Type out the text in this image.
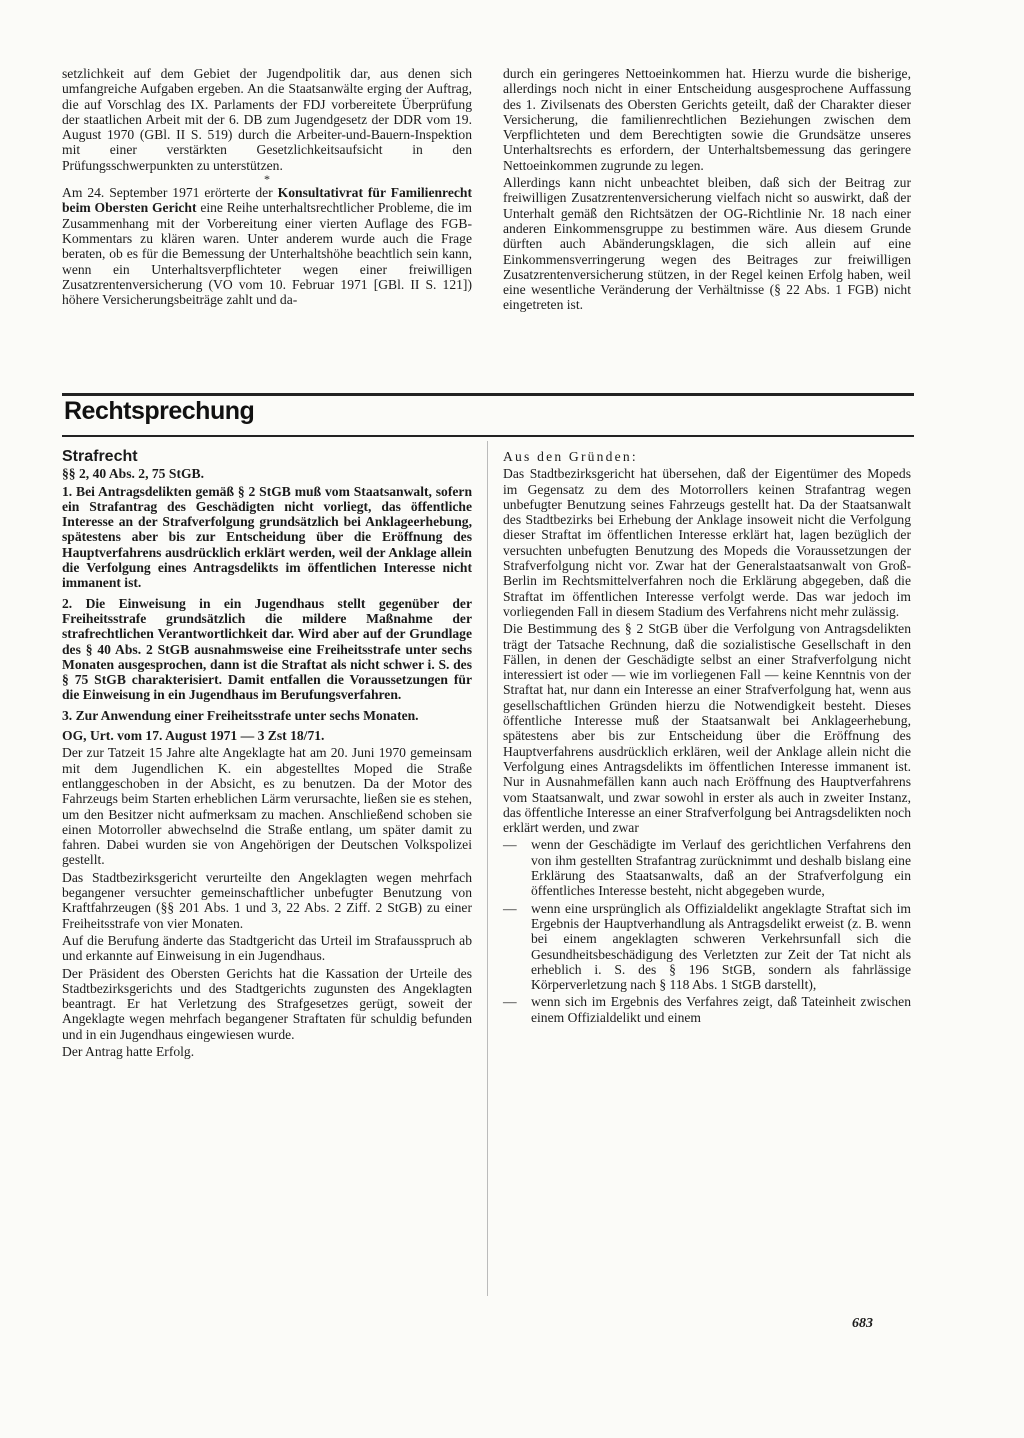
setzlichkeit auf dem Gebiet der Jugendpolitik dar, aus denen sich umfangreiche Aufgaben ergeben. An die Staatsanwälte erging der Auftrag, die auf Vorschlag des IX. Parlaments der FDJ vorbereitete Überprüfung der staatlichen Arbeit mit der 6. DB zum Jugendgesetz der DDR vom 19. August 1970 (GBl. II S. 519) durch die Arbeiter-und-Bauern-Inspektion mit einer verstärkten Gesetzlichkeitsaufsicht in den Prüfungsschwerpunkten zu unterstützen.

*

Am 24. September 1971 erörterte der Konsultativrat für Familienrecht beim Obersten Gericht eine Reihe unterhaltsrechtlicher Probleme, die im Zusammenhang mit der Vorbereitung einer vierten Auflage des FGB-Kommentars zu klären waren. Unter anderem wurde auch die Frage beraten, ob es für die Bemessung der Unterhaltshöhe beachtlich sein kann, wenn ein Unterhaltsverpflichteter wegen einer freiwilligen Zusatzrentenversicherung (VO vom 10. Februar 1971 [GBl. II S. 121]) höhere Versicherungsbeiträge zahlt und da-

durch ein geringeres Nettoeinkommen hat. Hierzu wurde die bisherige, allerdings noch nicht in einer Entscheidung ausgesprochene Auffassung des 1. Zivilsenats des Obersten Gerichts geteilt, daß der Charakter dieser Versicherung, die familienrechtlichen Beziehungen zwischen dem Verpflichteten und dem Berechtigten sowie die Grundsätze unseres Unterhaltsrechts es erfordern, der Unterhaltsbemessung das geringere Nettoeinkommen zugrunde zu legen.

Allerdings kann nicht unbeachtet bleiben, daß sich der Beitrag zur freiwilligen Zusatzrentenversicherung vielfach nicht so auswirkt, daß der Unterhalt gemäß den Richtsätzen der OG-Richtlinie Nr. 18 nach einer anderen Einkommensgruppe zu bestimmen wäre. Aus diesem Grunde dürften auch Abänderungsklagen, die sich allein auf eine Einkommensverringerung wegen des Beitrages zur freiwilligen Zusatzrentenversicherung stützen, in der Regel keinen Erfolg haben, weil eine wesentliche Veränderung der Verhältnisse (§ 22 Abs. 1 FGB) nicht eingetreten ist.

Rechtsprechung

Strafrecht

§§ 2, 40 Abs. 2, 75 StGB.

1. Bei Antragsdelikten gemäß § 2 StGB muß vom Staatsanwalt, sofern ein Strafantrag des Geschädigten nicht vorliegt, das öffentliche Interesse an der Strafverfolgung grundsätzlich bei Anklageerhebung, spätestens aber bis zur Entscheidung über die Eröffnung des Hauptverfahrens ausdrücklich erklärt werden, weil der Anklage allein die Verfolgung eines Antragsdelikts im öffentlichen Interesse nicht immanent ist.

2. Die Einweisung in ein Jugendhaus stellt gegenüber der Freiheitsstrafe grundsätzlich die mildere Maßnahme der strafrechtlichen Verantwortlichkeit dar. Wird aber auf der Grundlage des § 40 Abs. 2 StGB ausnahmsweise eine Freiheitsstrafe unter sechs Monaten ausgesprochen, dann ist die Straftat als nicht schwer i. S. des § 75 StGB charakterisiert. Damit entfallen die Voraussetzungen für die Einweisung in ein Jugendhaus im Berufungsverfahren.

3. Zur Anwendung einer Freiheitsstrafe unter sechs Monaten.

OG, Urt. vom 17. August 1971 — 3 Zst 18/71.

Der zur Tatzeit 15 Jahre alte Angeklagte hat am 20. Juni 1970 gemeinsam mit dem Jugendlichen K. ein abgestelltes Moped die Straße entlanggeschoben in der Absicht, es zu benutzen. Da der Motor des Fahrzeugs beim Starten erheblichen Lärm verursachte, ließen sie es stehen, um den Besitzer nicht aufmerksam zu machen. Anschließend schoben sie einen Motorroller abwechselnd die Straße entlang, um später damit zu fahren. Dabei wurden sie von Angehörigen der Deutschen Volkspolizei gestellt.

Das Stadtbezirksgericht verurteilte den Angeklagten wegen mehrfach begangener versuchter gemeinschaftlicher unbefugter Benutzung von Kraftfahrzeugen (§§ 201 Abs. 1 und 3, 22 Abs. 2 Ziff. 2 StGB) zu einer Freiheitsstrafe von vier Monaten.

Auf die Berufung änderte das Stadtgericht das Urteil im Strafausspruch ab und erkannte auf Einweisung in ein Jugendhaus.

Der Präsident des Obersten Gerichts hat die Kassation der Urteile des Stadtbezirksgerichts und des Stadtgerichts zugunsten des Angeklagten beantragt. Er hat Verletzung des Strafgesetzes gerügt, soweit der Angeklagte wegen mehrfach begangener Straftaten für schuldig befunden und in ein Jugendhaus eingewiesen wurde.

Der Antrag hatte Erfolg.

Aus den Gründen:

Das Stadtbezirksgericht hat übersehen, daß der Eigentümer des Mopeds im Gegensatz zu dem des Motorrollers keinen Strafantrag wegen unbefugter Benutzung seines Fahrzeugs gestellt hat. Da der Staatsanwalt des Stadtbezirks bei Erhebung der Anklage insoweit nicht die Verfolgung dieser Straftat im öffentlichen Interesse erklärt hat, lagen bezüglich der versuchten unbefugten Benutzung des Mopeds die Voraussetzungen der Strafverfolgung nicht vor. Zwar hat der Generalstaatsanwalt von Groß-Berlin im Rechtsmittelverfahren noch die Erklärung abgegeben, daß die Straftat im öffentlichen Interesse verfolgt werde. Das war jedoch im vorliegenden Fall in diesem Stadium des Verfahrens nicht mehr zulässig.

Die Bestimmung des § 2 StGB über die Verfolgung von Antragsdelikten trägt der Tatsache Rechnung, daß die sozialistische Gesellschaft in den Fällen, in denen der Geschädigte selbst an einer Strafverfolgung nicht interessiert ist oder — wie im vorliegenen Fall — keine Kenntnis von der Straftat hat, nur dann ein Interesse an einer Strafverfolgung hat, wenn aus gesellschaftlichen Gründen hierzu die Notwendigkeit besteht. Dieses öffentliche Interesse muß der Staatsanwalt bei Anklageerhebung, spätestens aber bis zur Entscheidung über die Eröffnung des Hauptverfahrens ausdrücklich erklären, weil der Anklage allein nicht die Verfolgung eines Antragsdelikts im öffentlichen Interesse immanent ist. Nur in Ausnahmefällen kann auch nach Eröffnung des Hauptverfahrens vom Staatsanwalt, und zwar sowohl in erster als auch in zweiter Instanz, das öffentliche Interesse an einer Strafverfolgung bei Antragsdelikten noch erklärt werden, und zwar

— wenn der Geschädigte im Verlauf des gerichtlichen Verfahrens den von ihm gestellten Strafantrag zurücknimmt und deshalb bislang eine Erklärung des Staatsanwalts, daß an der Strafverfolgung ein öffentliches Interesse besteht, nicht abgegeben wurde,
— wenn eine ursprünglich als Offizialdelikt angeklagte Straftat sich im Ergebnis der Hauptverhandlung als Antragsdelikt erweist (z. B. wenn bei einem angeklagten schweren Verkehrsunfall sich die Gesundheitsbeschädigung des Verletzten zur Zeit der Tat nicht als erheblich i. S. des § 196 StGB, sondern als fahrlässige Körperverletzung nach § 118 Abs. 1 StGB darstellt),
— wenn sich im Ergebnis des Verfahres zeigt, daß Tateinheit zwischen einem Offizialdelikt und einem
683
